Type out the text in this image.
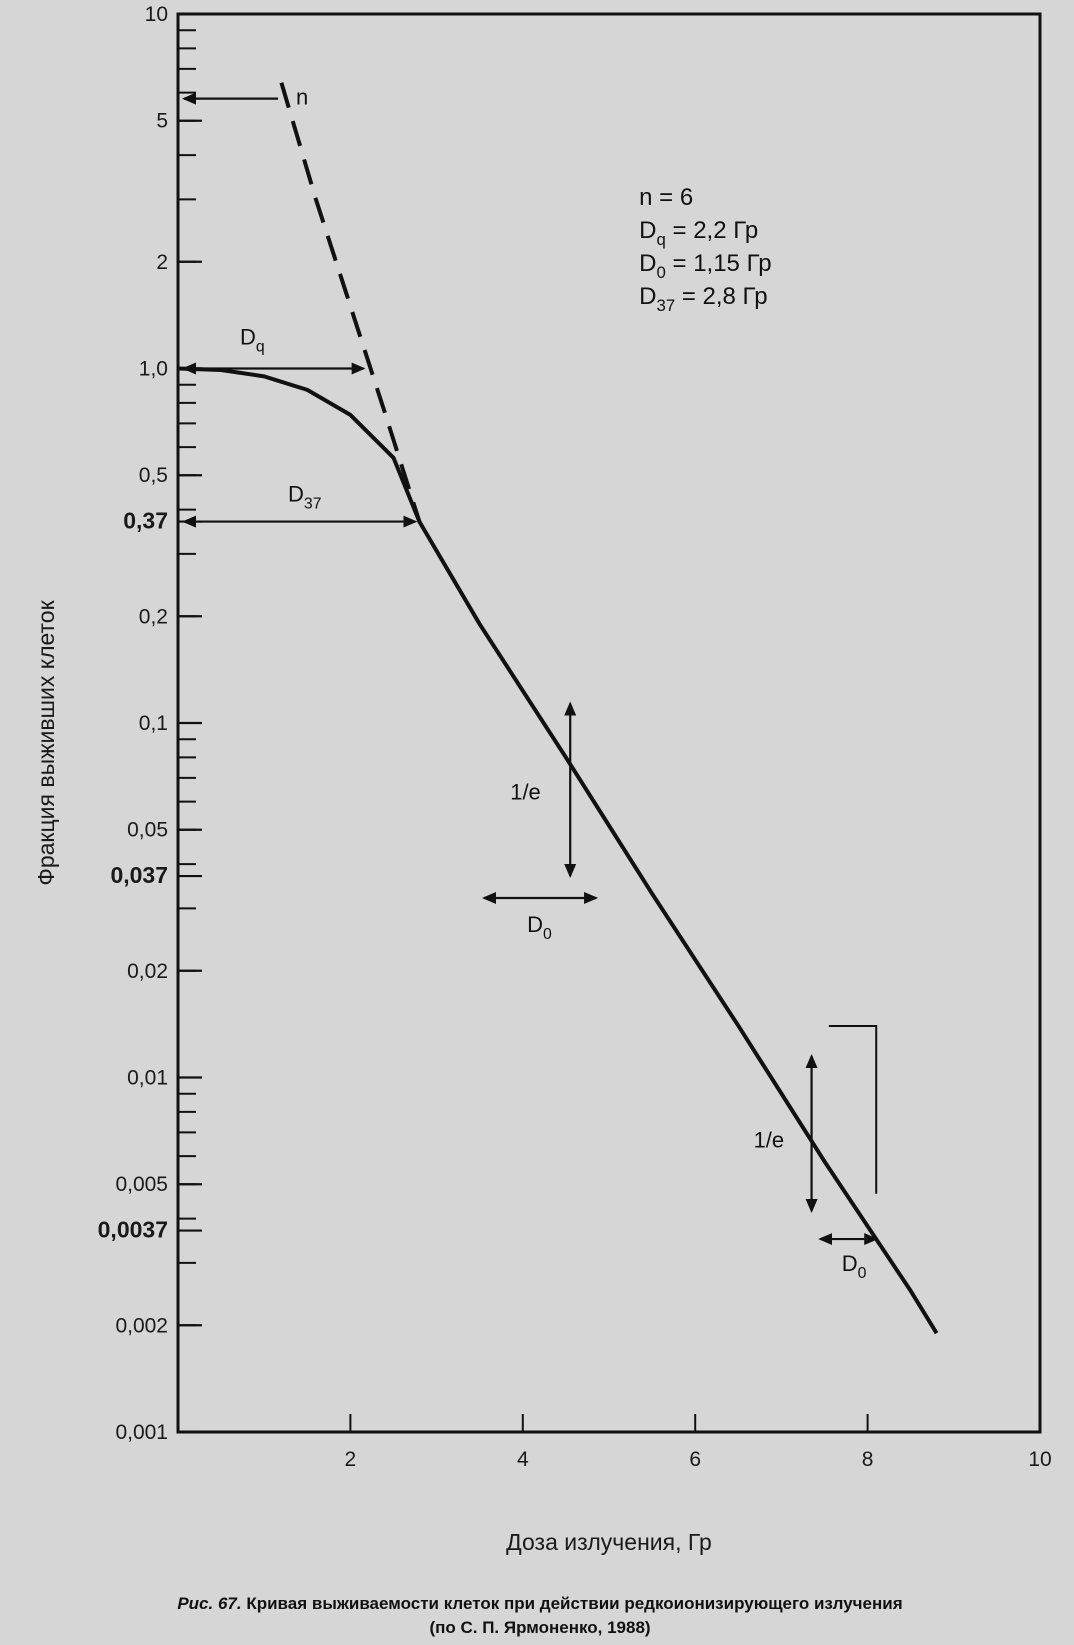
10
5
2
1,0
0,5
0,37
0,2
0,1
0,05
0,037
0,02
0,01
0,005
0,0037
0,002
0,001
2	4	6	8	10
n
$D_q$
$D_{37}$
1/e
$D_0$
1/e
$D_0$
n = 6
$D_q = 2,2$ Гр
$D_0 = 1,15$ Гр
$D_{37} = 2,8$ Гр
Фракция выживших клеток
Доза излучения, Гр
Рис. 67. Кривая выживаемости клеток при действии редкоионизирующего излучения
(по С. П. Ярмоненко, 1988)
